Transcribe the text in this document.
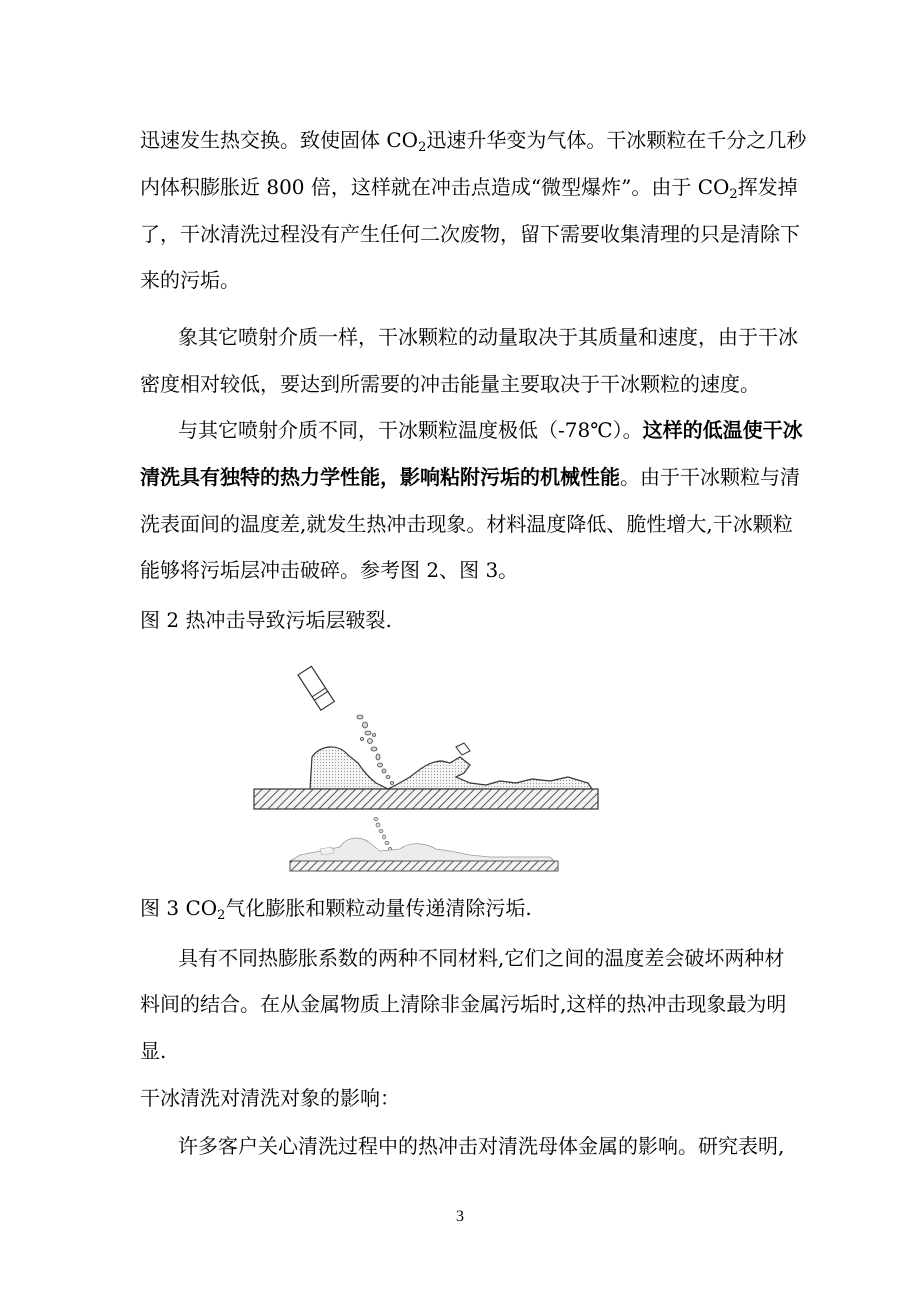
迅速发生热交换。致使固体 $CO_2$迅速升华变为气体。干冰颗粒在千分之几秒
内体积膨胀近 800 倍，这样就在冲击点造成“微型爆炸”。由于 $CO_2$挥发掉
了，干冰清洗过程没有产生任何二次废物，留下需要收集清理的只是清除下
来的污垢。
象其它喷射介质一样，干冰颗粒的动量取决于其质量和速度，由于干冰
密度相对较低，要达到所需要的冲击能量主要取决于干冰颗粒的速度。
与其它喷射介质不同，干冰颗粒温度极低（-78℃）。这样的低温使干冰
清洗具有独特的热力学性能，影响粘附污垢的机械性能。由于干冰颗粒与清
洗表面间的温度差,就发生热冲击现象。材料温度降低、脆性增大,干冰颗粒
能够将污垢层冲击破碎。参考图 2、图 3。
图 2 热冲击导致污垢层皲裂.
图 3 $CO_2$气化膨胀和颗粒动量传递清除污垢.
具有不同热膨胀系数的两种不同材料,它们之间的温度差会破坏两种材
料间的结合。在从金属物质上清除非金属污垢时,这样的热冲击现象最为明
显.
干冰清洗对清洗对象的影响：
许多客户关心清洗过程中的热冲击对清洗母体金属的影响。研究表明,
3
